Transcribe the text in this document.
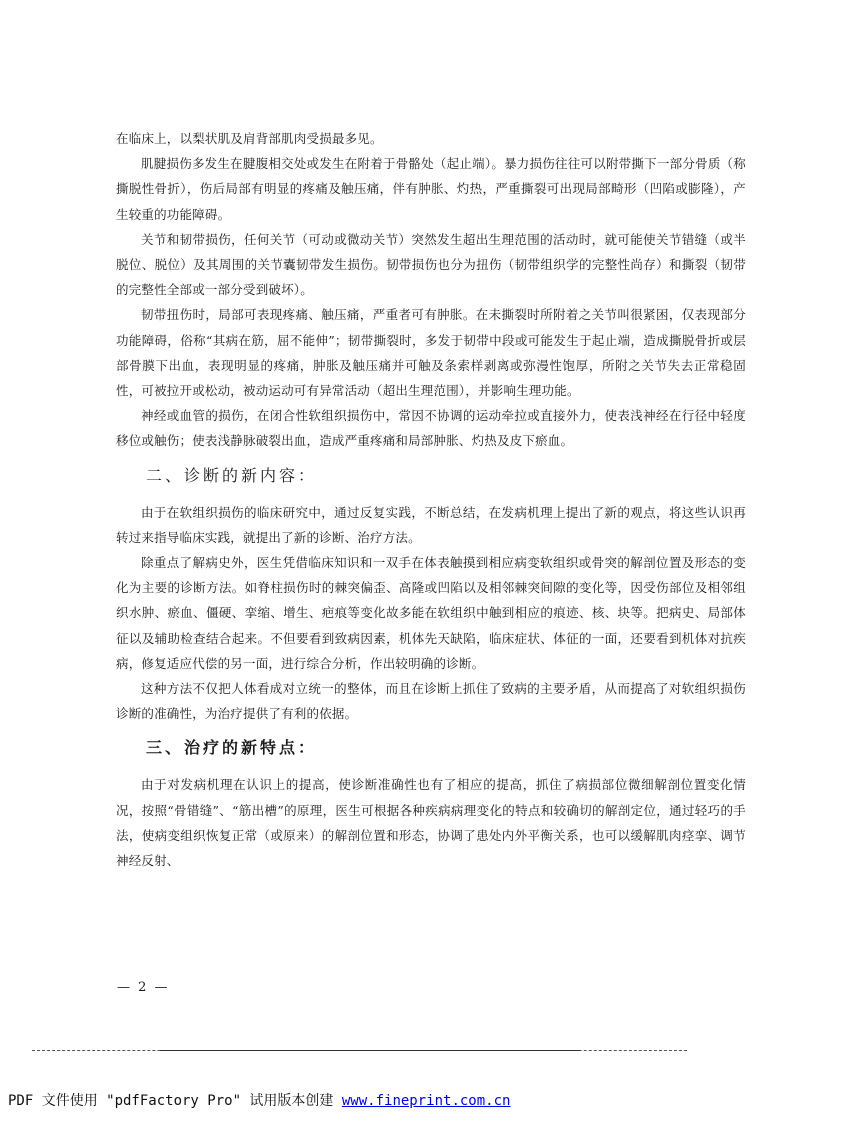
在临床上，以梨状肌及肩背部肌肉受损最多见。

肌腱损伤多发生在腱腹相交处或发生在附着于骨骼处（起止端）。暴力损伤往往可以附带撕下一部分骨质（称撕脱性骨折），伤后局部有明显的疼痛及触压痛，伴有肿胀、灼热，严重撕裂可出现局部畸形（凹陷或膨隆），产生较重的功能障碍。

关节和韧带损伤，任何关节（可动或微动关节）突然发生超出生理范围的活动时，就可能使关节错缝（或半脱位、脱位）及其周围的关节囊韧带发生损伤。韧带损伤也分为扭伤（韧带组织学的完整性尚存）和撕裂（韧带的完整性全部或一部分受到破坏）。

韧带扭伤时，局部可表现疼痛、触压痛，严重者可有肿胀。在未撕裂时所附着之关节叫很紧困，仅表现部分功能障碍，俗称“其病在筋，屈不能伸”；韧带撕裂时，多发于韧带中段或可能发生于起止端，造成撕脱骨折或层部骨膜下出血，表现明显的疼痛，肿胀及触压痛并可触及条索样剥离或弥漫性饱厚，所附之关节失去正常稳固性，可被拉开或松动，被动运动可有异常活动（超出生理范围），并影响生理功能。

神经或血管的损伤，在闭合性软组织损伤中，常因不协调的运动牵拉或直接外力，使表浅神经在行径中轻度移位或触伤；使表浅静脉破裂出血，造成严重疼痛和局部肿胀、灼热及皮下瘀血。

二、诊断的新内容：

由于在软组织损伤的临床研究中，通过反复实践，不断总结，在发病机理上提出了新的观点，将这些认识再转过来指导临床实践，就提出了新的诊断、治疗方法。

除重点了解病史外，医生凭借临床知识和一双手在体表触摸到相应病变软组织或骨突的解剖位置及形态的变化为主要的诊断方法。如脊柱损伤时的棘突偏歪、高隆或凹陷以及相邻棘突间隙的变化等，因受伤部位及相邻组织水肿、瘀血、僵硬、挛缩、增生、疤痕等变化故多能在软组织中触到相应的痕迹、核、块等。把病史、局部体征以及辅助检查结合起来。不但要看到致病因素，机体先天缺陷，临床症状、体征的一面，还要看到机体对抗疾病，修复适应代偿的另一面，进行综合分析，作出较明确的诊断。

这种方法不仅把人体看成对立统一的整体，而且在诊断上抓住了致病的主要矛盾，从而提高了对软组织损伤诊断的准确性，为治疗提供了有利的依据。

三、治疗的新特点：

由于对发病机理在认识上的提高，使诊断准确性也有了相应的提高，抓住了病损部位微细解剖位置变化情况，按照“骨错缝”、“筋出槽”的原理，医生可根据各种疾病病理变化的特点和较确切的解剖定位，通过轻巧的手法，使病变组织恢复正常（或原来）的解剖位置和形态，协调了患处内外平衡关系，也可以缓解肌肉痉挛、调节神经反射、

— 2 —
PDF 文件使用 "pdfFactory Pro" 试用版本创建 www.fineprint.com.cn
